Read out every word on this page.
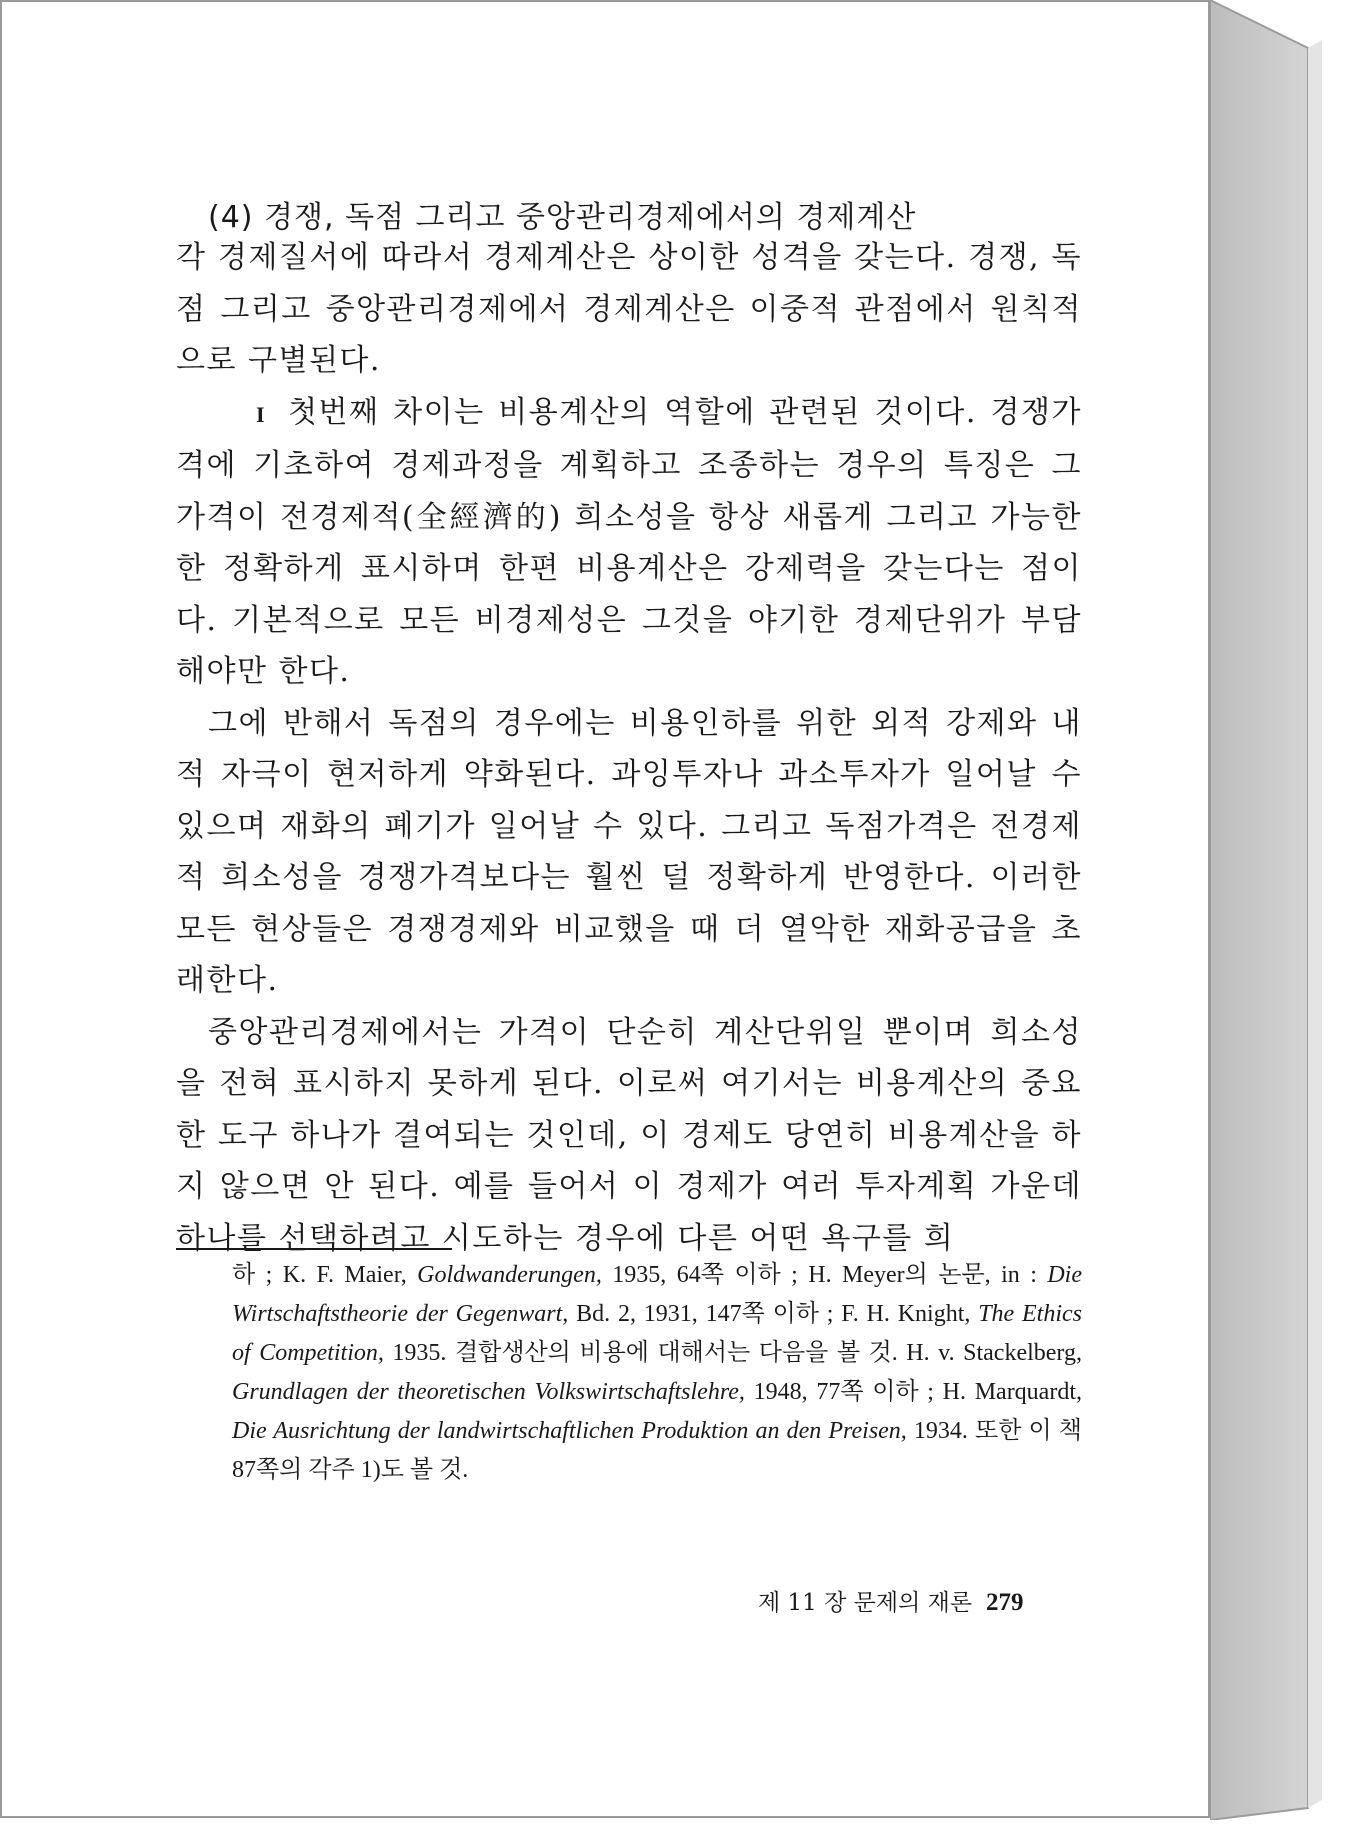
(4) 경쟁, 독점 그리고 중앙관리경제에서의 경제계산

각 경제질서에 따라서 경제계산은 상이한 성격을 갖는다. 경쟁, 독점 그리고 중앙관리경제에서 경제계산은 이중적 관점에서 원칙적으로 구별된다.

I 첫번째 차이는 비용계산의 역할에 관련된 것이다. 경쟁가격에 기초하여 경제과정을 계획하고 조종하는 경우의 특징은 그 가격이 전경제적(全經濟的) 희소성을 항상 새롭게 그리고 가능한한 정확하게 표시하며 한편 비용계산은 강제력을 갖는다는 점이다. 기본적으로 모든 비경제성은 그것을 야기한 경제단위가 부담해야만 한다.

그에 반해서 독점의 경우에는 비용인하를 위한 외적 강제와 내적 자극이 현저하게 약화된다. 과잉투자나 과소투자가 일어날 수 있으며 재화의 폐기가 일어날 수 있다. 그리고 독점가격은 전경제적 희소성을 경쟁가격보다는 훨씬 덜 정확하게 반영한다. 이러한 모든 현상들은 경쟁경제와 비교했을 때 더 열악한 재화공급을 초래한다.

중앙관리경제에서는 가격이 단순히 계산단위일 뿐이며 희소성을 전혀 표시하지 못하게 된다. 이로써 여기서는 비용계산의 중요한 도구 하나가 결여되는 것인데, 이 경제도 당연히 비용계산을 하지 않으면 안 된다. 예를 들어서 이 경제가 여러 투자계획 가운데 하나를 선택하려고 시도하는 경우에 다른 어떤 욕구를 희

하 ; K. F. Maier, Goldwanderungen, 1935, 64쪽 이하 ; H. Meyer의 논문, in : Die Wirtschaftstheorie der Gegenwart, Bd. 2, 1931, 147쪽 이하 ; F. H. Knight, The Ethics of Competition, 1935. 결합생산의 비용에 대해서는 다음을 볼 것. H. v. Stackelberg, Grundlagen der theoretischen Volkswirtschaftslehre, 1948, 77쪽 이하 ; H. Marquardt, Die Ausrichtung der landwirtschaftlichen Produktion an den Preisen, 1934. 또한 이 책 87쪽의 각주 1)도 볼 것.

제 11 장 문제의 재론 279
